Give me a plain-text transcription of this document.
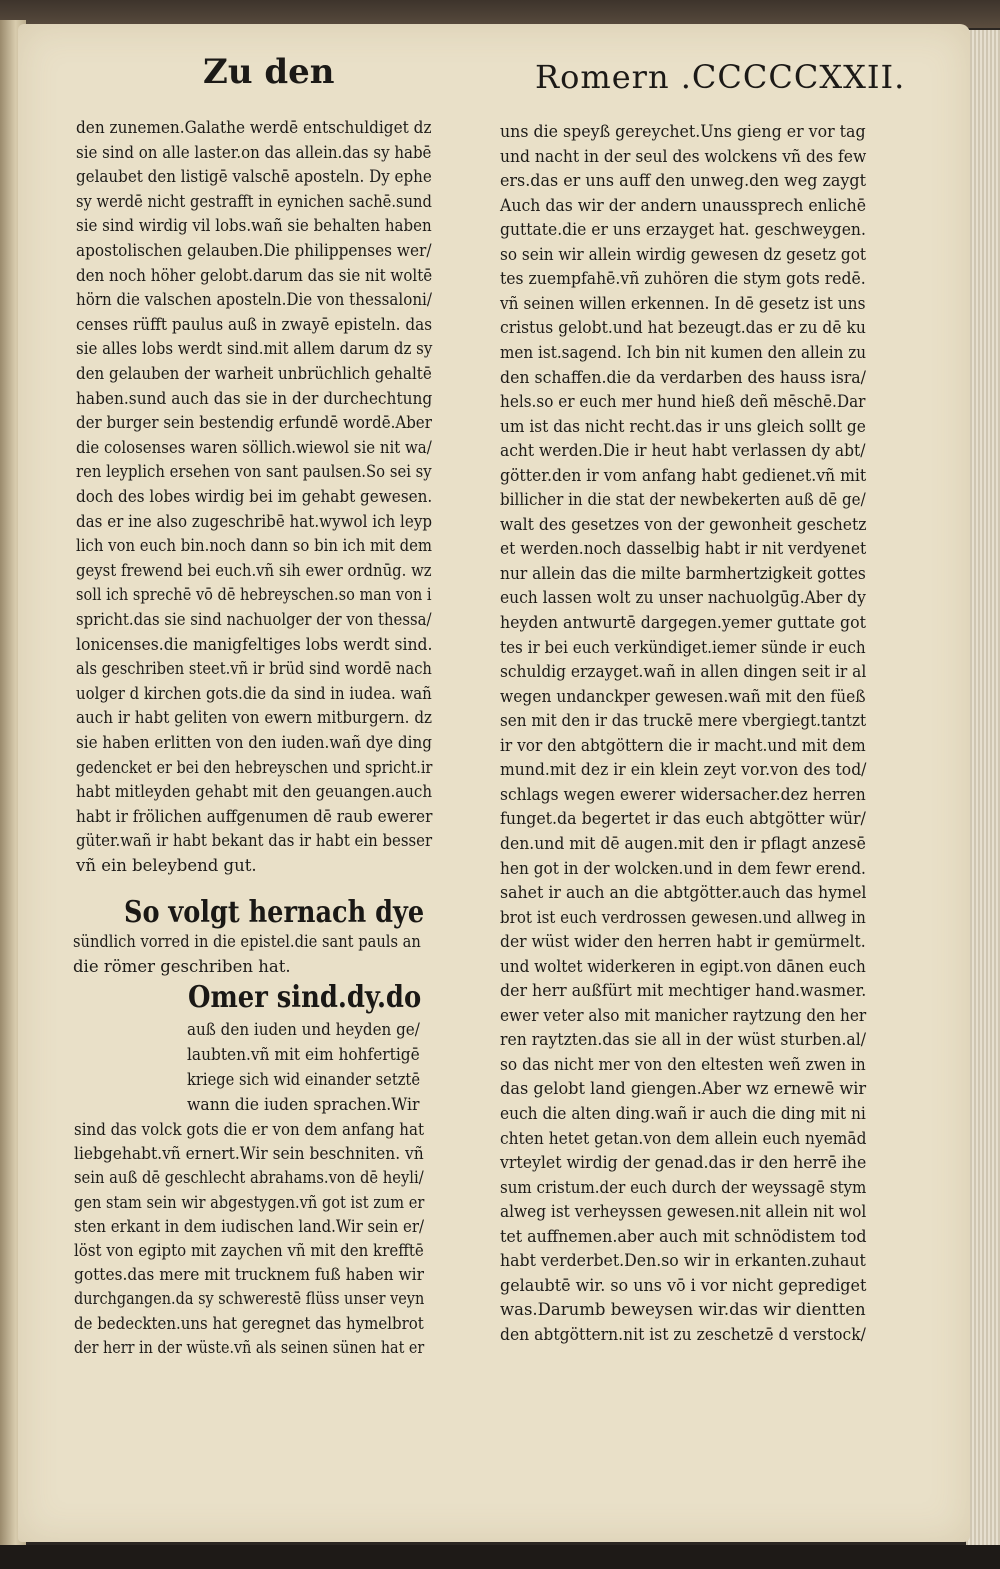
Zu den	Romern .CCCCCXXII.
den zunemen.Galathe werdē entschuldiget dz
sie sind on alle laster.on das allein.das sy habē
gelaubet den listigē valschē aposteln. Dy ephe
sy werdē nicht gestrafft in eynichen sachē.sund
sie sind wirdig vil lobs.wañ sie behalten haben
apostolischen gelauben.Die philippenses wer/
den noch höher gelobt.darum das sie nit woltē
hörn die valschen aposteln.Die von thessaloni/
censes rüfft paulus auß in zwayē episteln. das
sie alles lobs werdt sind.mit allem darum dz sy
den gelauben der warheit unbrüchlich gehaltē
haben.sund auch das sie in der durchechtung
der burger sein bestendig erfundē wordē.Aber
die colosenses waren söllich.wiewol sie nit wa/
ren leyplich ersehen von sant paulsen.So sei sy
doch des lobes wirdig bei im gehabt gewesen.
das er ine also zugeschribē hat.wywol ich leyp
lich von euch bin.noch dann so bin ich mit dem
geyst frewend bei euch.vñ sih ewer ordnūg. wz
soll ich sprechē vō dē hebreyschen.so man von i
spricht.das sie sind nachuolger der von thessa/
lonicenses.die manigfeltiges lobs werdt sind.
als geschriben steet.vñ ir brüd sind wordē nach
uolger d kirchen gots.die da sind in iudea. wañ
auch ir habt geliten von ewern mitburgern. dz
sie haben erlitten von den iuden.wañ dye ding
gedencket er bei den hebreyschen und spricht.ir
habt mitleyden gehabt mit den geuangen.auch
habt ir frölichen auffgenumen dē raub ewerer
güter.wañ ir habt bekant das ir habt ein besser
vñ ein beleybend gut.
So volgt hernach dye
sündlich vorred in die epistel.die sant pauls an
die römer geschriben hat.
Omer sind.dy.do
auß den iuden und heyden ge/
laubten.vñ mit eim hohfertigē
kriege sich wid einander setztē
wann die iuden sprachen.Wir
sind das volck gots die er von dem anfang hat
liebgehabt.vñ ernert.Wir sein beschniten. vñ
sein auß dē geschlecht abrahams.von dē heyli/
gen stam sein wir abgestygen.vñ got ist zum er
sten erkant in dem iudischen land.Wir sein er/
löst von egipto mit zaychen vñ mit den krefftē
gottes.das mere mit trucknem fuß haben wir
durchgangen.da sy schwerestē flüss unser veyn
de bedeckten.uns hat geregnet das hymelbrot
der herr in der wüste.vñ als seinen sünen hat er
uns die speyß gereychet.Uns gieng er vor tag
und nacht in der seul des wolckens vñ des few
ers.das er uns auff den unweg.den weg zaygt
Auch das wir der andern unaussprech enlichē
guttate.die er uns erzayget hat. geschweygen.
so sein wir allein wirdig gewesen dz gesetz got
tes zuempfahē.vñ zuhören die stym gots redē.
vñ seinen willen erkennen. In dē gesetz ist uns
cristus gelobt.und hat bezeugt.das er zu dē ku
men ist.sagend. Ich bin nit kumen den allein zu
den schaffen.die da verdarben des hauss isra/
hels.so er euch mer hund hieß deñ mēschē.Dar
um ist das nicht recht.das ir uns gleich sollt ge
acht werden.Die ir heut habt verlassen dy abt/
götter.den ir vom anfang habt gedienet.vñ mit
billicher in die stat der newbekerten auß dē ge/
walt des gesetzes von der gewonheit geschetz
et werden.noch dasselbig habt ir nit verdyenet
nur allein das die milte barmhertzigkeit gottes
euch lassen wolt zu unser nachuolgūg.Aber dy
heyden antwurtē dargegen.yemer guttate got
tes ir bei euch verkündiget.iemer sünde ir euch
schuldig erzayget.wañ in allen dingen seit ir al
wegen undanckper gewesen.wañ mit den füeß
sen mit den ir das truckē mere vbergiegt.tantzt
ir vor den abtgöttern die ir macht.und mit dem
mund.mit dez ir ein klein zeyt vor.von des tod/
schlags wegen ewerer widersacher.dez herren
funget.da begertet ir das euch abtgötter wür/
den.und mit dē augen.mit den ir pflagt anzesē
hen got in der wolcken.und in dem fewr erend.
sahet ir auch an die abtgötter.auch das hymel
brot ist euch verdrossen gewesen.und allweg in
der wüst wider den herren habt ir gemürmelt.
und woltet widerkeren in egipt.von dānen euch
der herr außfürt mit mechtiger hand.wasmer.
ewer veter also mit manicher raytzung den her
ren raytzten.das sie all in der wüst sturben.al/
so das nicht mer von den eltesten weñ zwen in
das gelobt land giengen.Aber wz ernewē wir
euch die alten ding.wañ ir auch die ding mit ni
chten hetet getan.von dem allein euch nyemād
vrteylet wirdig der genad.das ir den herrē ihe
sum cristum.der euch durch der weyssagē stym
alweg ist verheyssen gewesen.nit allein nit wol
tet auffnemen.aber auch mit schnödistem tod
habt verderbet.Den.so wir in erkanten.zuhaut
gelaubtē wir. so uns vō i vor nicht geprediget
was.Darumb beweysen wir.das wir dientten
den abtgöttern.nit ist zu zeschetzē d verstock/
